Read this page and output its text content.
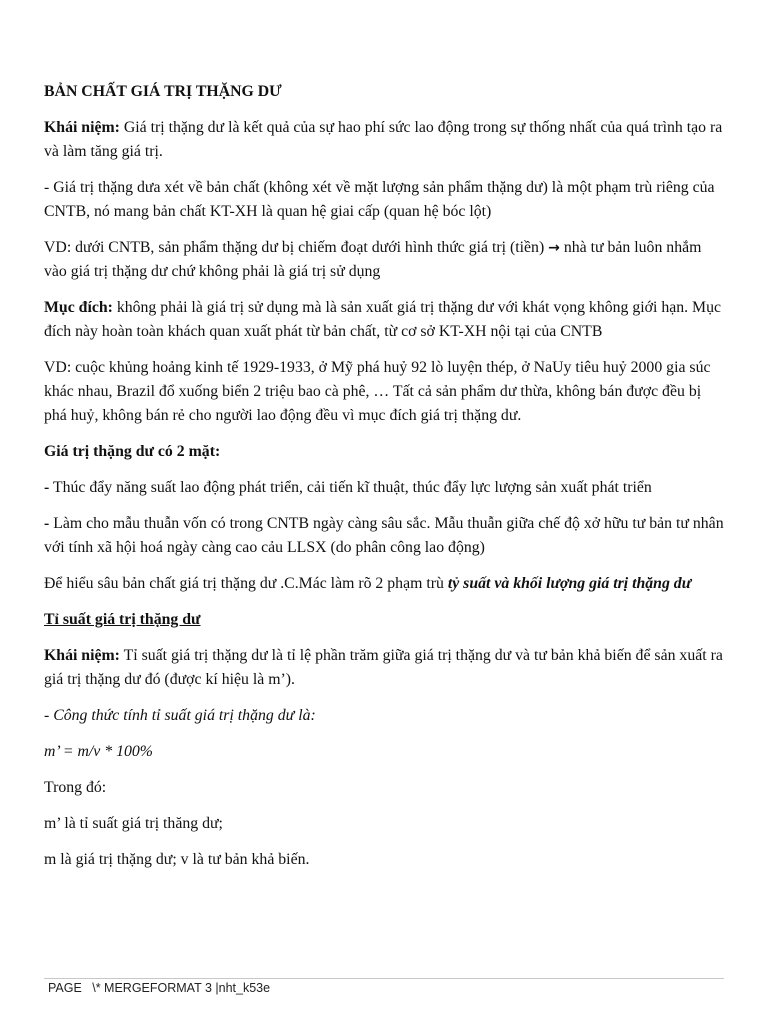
BẢN CHẤT GIÁ TRỊ THẶNG DƯ

Khái niệm: Giá trị thặng dư là kết quả của sự hao phí sức lao động trong sự thống nhất của quá trình tạo ra và làm tăng giá trị.

- Giá trị thặng dưa xét về bản chất (không xét về mặt lượng sản phẩm thặng dư) là một phạm trù riêng của CNTB, nó mang bản chất KT-XH là quan hệ giai cấp (quan hệ bóc lột)

VD: dưới CNTB, sản phẩm thặng dư bị chiếm đoạt dưới hình thức giá trị (tiền) → nhà tư bản luôn nhắm vào giá trị thặng dư chứ không phải là giá trị sử dụng

Mục đích: không phải là giá trị sử dụng mà là sản xuất giá trị thặng dư với khát vọng không giới hạn. Mục đích này hoàn toàn khách quan xuất phát từ bản chất, từ cơ sở KT-XH nội tại của CNTB

VD: cuộc khủng hoảng kinh tế 1929-1933, ở Mỹ phá huỷ 92 lò luyện thép, ở NaUy tiêu huỷ 2000 gia súc khác nhau, Brazil đổ xuống biển 2 triệu bao cà phê, … Tất cả sản phẩm dư thừa, không bán được đều bị phá huỷ, không bán rẻ cho người lao động đều vì mục đích giá trị thặng dư.

Giá trị thặng dư có 2 mặt:

- Thúc đẩy năng suất lao động phát triển, cải tiến kĩ thuật, thúc đẩy lực lượng sản xuất phát triển

- Làm cho mẫu thuẫn vốn có trong CNTB ngày càng sâu sắc. Mẫu thuẫn giữa chế độ xở hữu tư bản tư nhân với tính xã hội hoá ngày càng cao cảu LLSX (do phân công lao động)

Để hiểu sâu bản chất giá trị thặng dư .C.Mác làm rõ 2 phạm trù tỷ suất và khối lượng giá trị thặng dư

Tỉ suất giá trị thặng dư

Khái niệm: Tỉ suất giá trị thặng dư là tỉ lệ phần trăm giữa giá trị thặng dư và tư bản khả biến để sản xuất ra giá trị thặng dư đó (được kí hiệu là m’).

- Công thức tính tỉ suất giá trị thặng dư là:

m’ = m/v * 100%

Trong đó:

m’ là tỉ suất giá trị thăng dư;

m là giá trị thặng dư; v là tư bản khả biến.

PAGE   \* MERGEFORMAT 3 |nht_k53e
